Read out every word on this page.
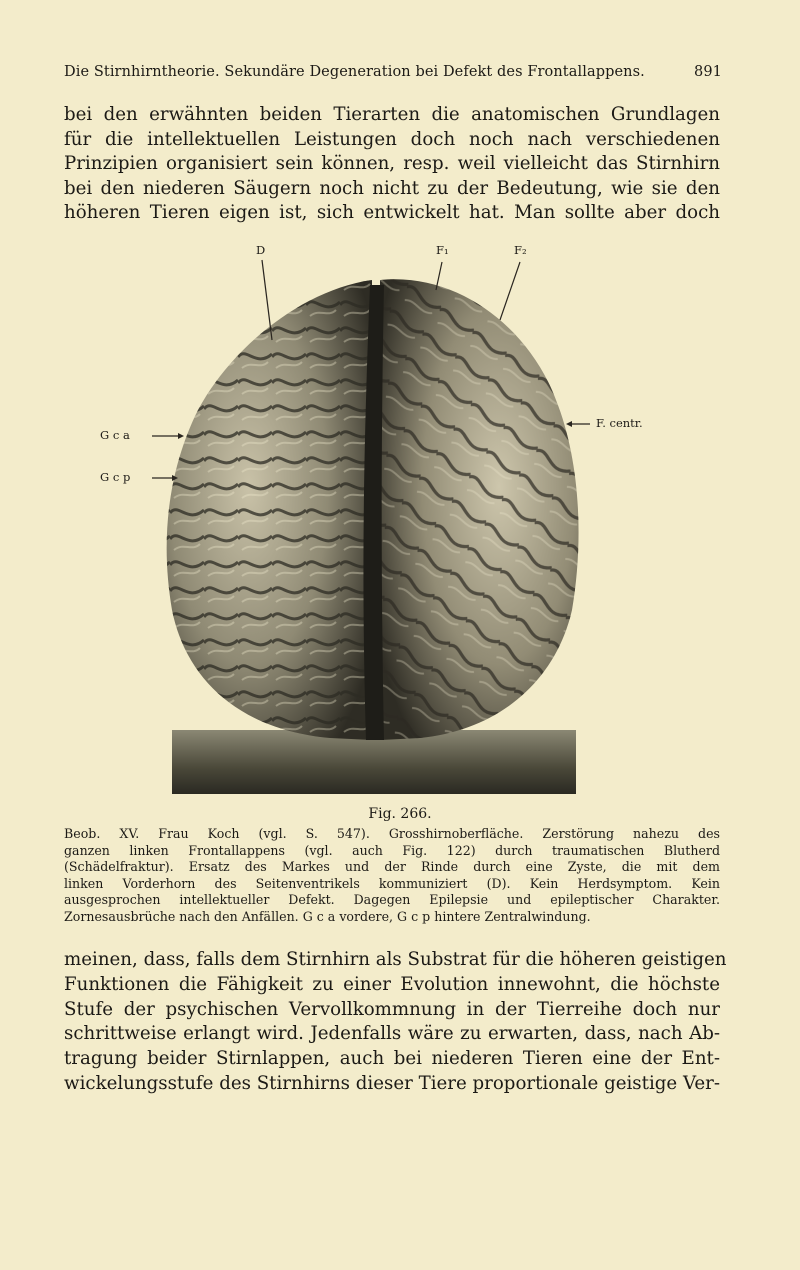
Die Stirnhirntheorie. Sekundäre Degeneration bei Defekt des Frontallappens.	891
bei den erwähnten beiden Tierarten die anatomischen Grundlagen
für die intellektuellen Leistungen doch noch nach verschiedenen
Prinzipien organisiert sein können, resp. weil vielleicht das Stirnhirn
bei den niederen Säugern noch nicht zu der Bedeutung, wie sie den
höheren Tieren eigen ist, sich entwickelt hat. Man sollte aber doch
D	F₁	F₂
G c a
G c p
F. centr.
Fig. 266.
Beob. XV. Frau Koch (vgl. S. 547). Grosshirnoberfläche. Zerstörung nahezu des
ganzen linken Frontallappens (vgl. auch Fig. 122) durch traumatischen Blutherd
(Schädelfraktur). Ersatz des Markes und der Rinde durch eine Zyste, die mit dem
linken Vorderhorn des Seitenventrikels kommuniziert (D). Kein Herdsymptom. Kein
ausgesprochen intellektueller Defekt. Dagegen Epilepsie und epileptischer Charakter.
Zornesausbrüche nach den Anfällen. G c a vordere, G c p hintere Zentralwindung.
meinen, dass, falls dem Stirnhirn als Substrat für die höheren geistigen
Funktionen die Fähigkeit zu einer Evolution innewohnt, die höchste
Stufe der psychischen Vervollkommnung in der Tierreihe doch nur
schrittweise erlangt wird. Jedenfalls wäre zu erwarten, dass, nach Ab-
tragung beider Stirnlappen, auch bei niederen Tieren eine der Ent-
wickelungsstufe des Stirnhirns dieser Tiere proportionale geistige Ver-
